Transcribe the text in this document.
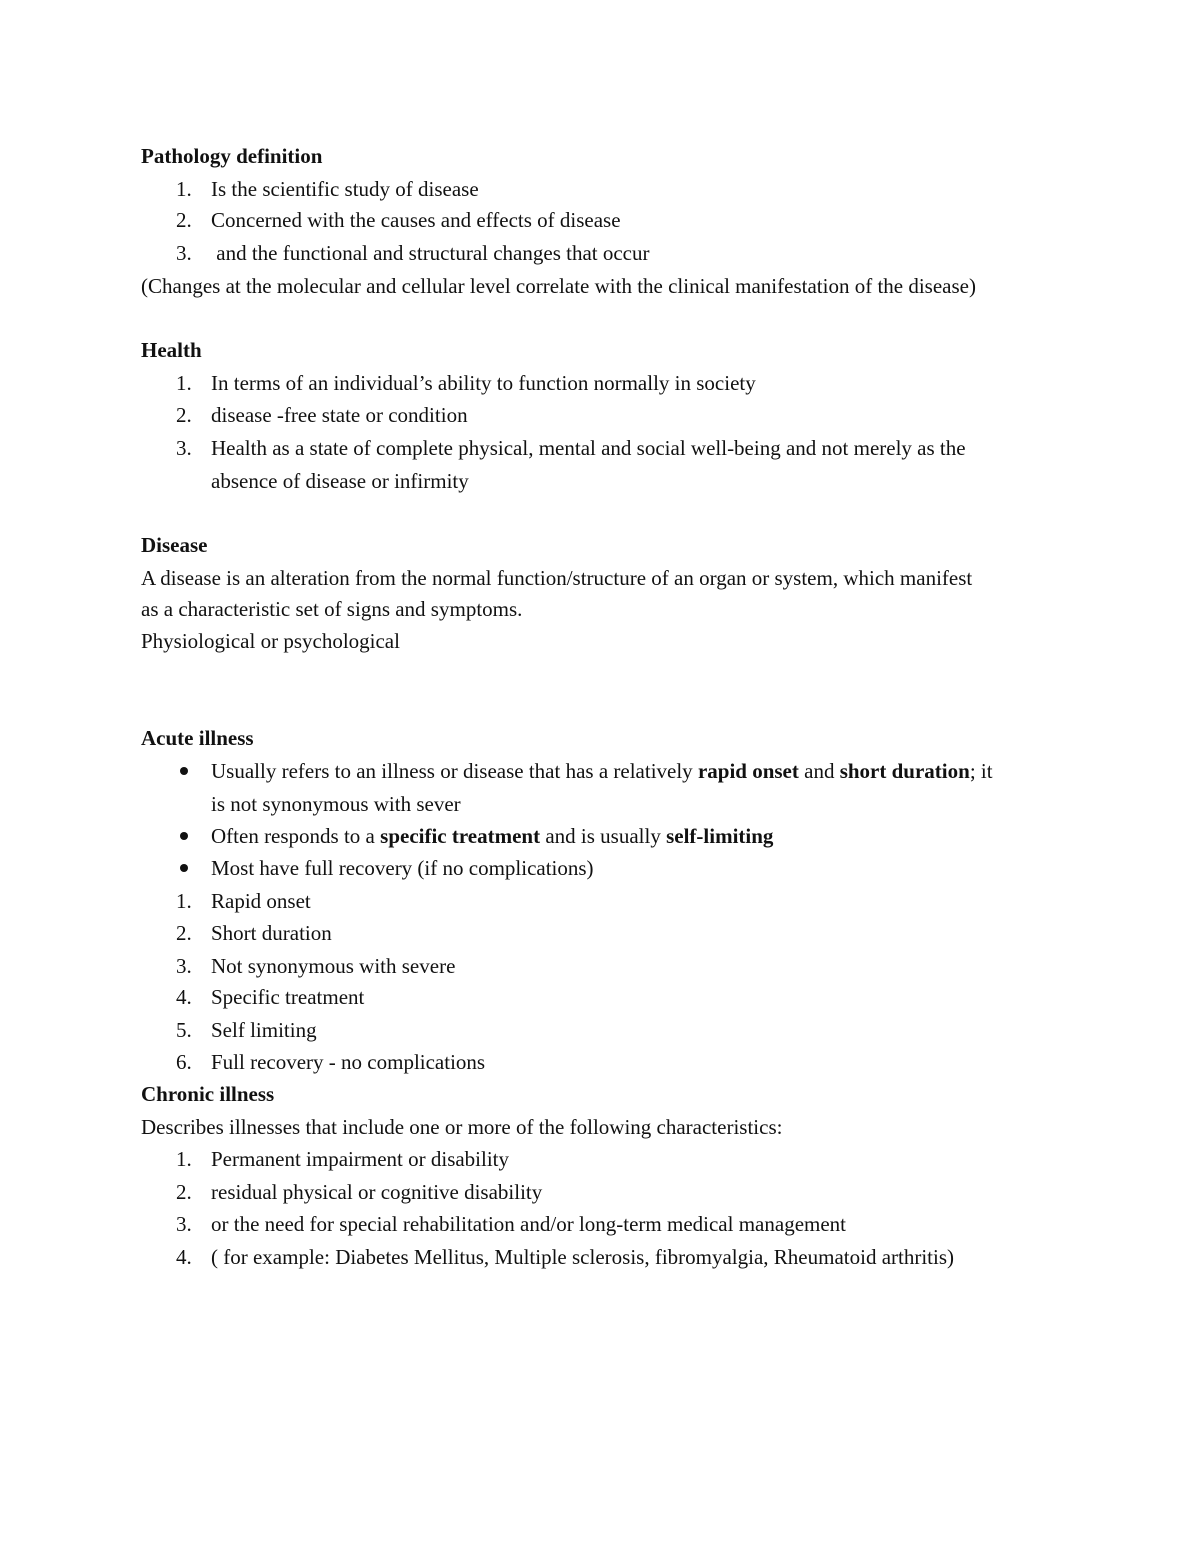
Pathology definition
1. Is the scientific study of disease
2. Concerned with the causes and effects of disease
3. and the functional and structural changes that occur
(Changes at the molecular and cellular level correlate with the clinical manifestation of the disease)
Health
1. In terms of an individual’s ability to function normally in society
2. disease -free state or condition
3. Health as a state of complete physical, mental and social well-being and not merely as the
absence of disease or infirmity
Disease
A disease is an alteration from the normal function/structure of an organ or system, which manifest
as a characteristic set of signs and symptoms.
Physiological or psychological
Acute illness
Usually refers to an illness or disease that has a relatively rapid onset and short duration; it
is not synonymous with sever
Often responds to a specific treatment and is usually self-limiting
Most have full recovery (if no complications)
1. Rapid onset
2. Short duration
3. Not synonymous with severe
4. Specific treatment
5. Self limiting
6. Full recovery - no complications
Chronic illness
Describes illnesses that include one or more of the following characteristics:
1. Permanent impairment or disability
2. residual physical or cognitive disability
3. or the need for special rehabilitation and/or long-term medical management
4. ( for example: Diabetes Mellitus, Multiple sclerosis, fibromyalgia, Rheumatoid arthritis)
